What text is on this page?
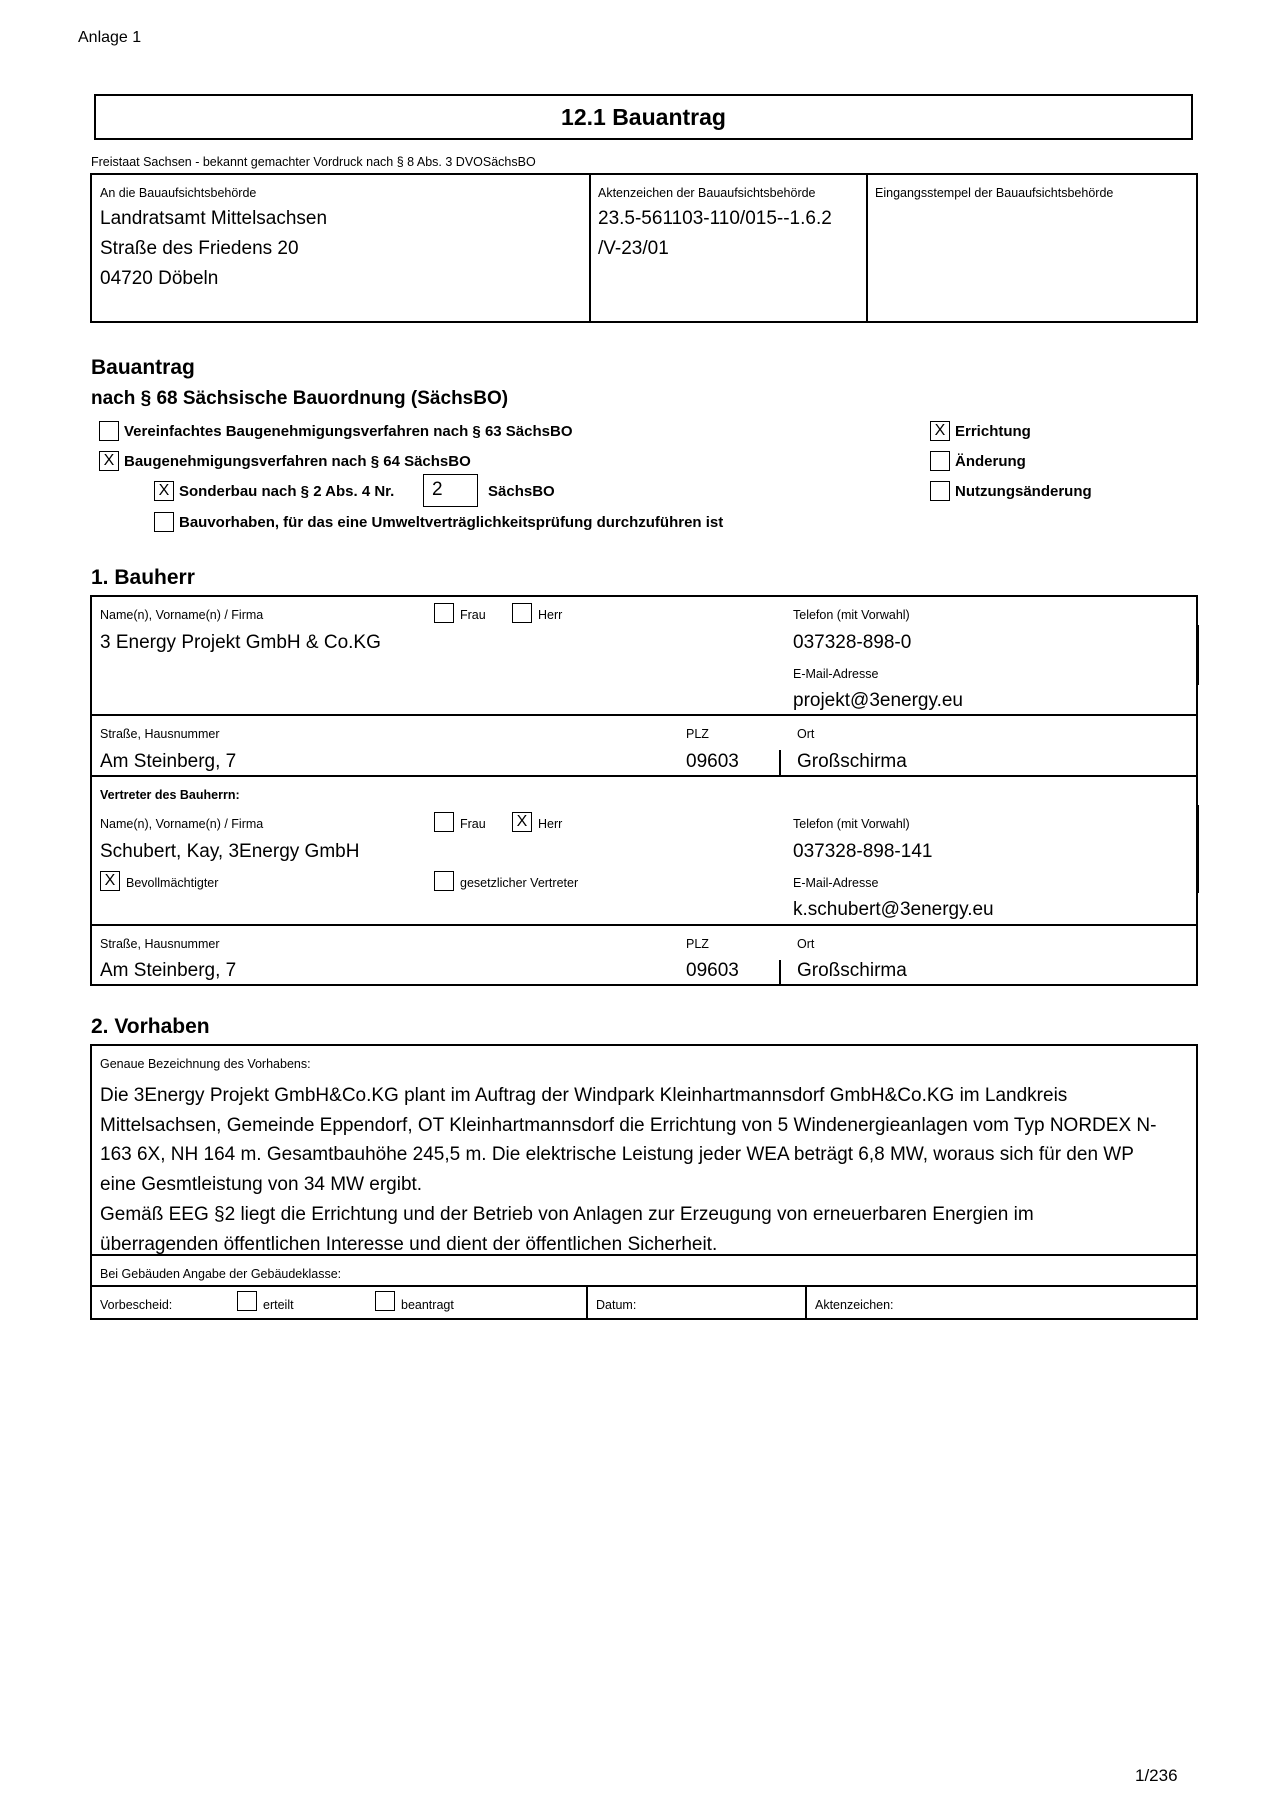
Anlage 1
12.1 Bauantrag
Freistaat Sachsen - bekannt gemachter Vordruck nach § 8 Abs. 3 DVOSächsBO
An die Bauaufsichtsbehörde
Landratsamt Mittelsachsen
Straße des Friedens 20
04720 Döbeln
Aktenzeichen der Bauaufsichtsbehörde
23.5-561103-110/015--1.6.2
/V-23/01
Eingangsstempel der Bauaufsichtsbehörde
Bauantrag
nach § 68 Sächsische Bauordnung (SächsBO)
Vereinfachtes Baugenehmigungsverfahren nach § 63 SächsBO
X Baugenehmigungsverfahren nach § 64 SächsBO
X Sonderbau nach § 2 Abs. 4 Nr.	2	SächsBO
Bauvorhaben, für das eine Umweltverträglichkeitsprüfung durchzuführen ist
X Errichtung
Änderung
Nutzungsänderung
1. Bauherr
Name(n), Vorname(n) / Firma	Frau	Herr	Telefon (mit Vorwahl)
3 Energy Projekt GmbH & Co.KG	037328-898-0
E-Mail-Adresse
projekt@3energy.eu
Straße, Hausnummer	PLZ	Ort
Am Steinberg, 7	09603	Großschirma
Vertreter des Bauherrn:
Name(n), Vorname(n) / Firma	Frau X Herr	Telefon (mit Vorwahl)
Schubert, Kay, 3Energy GmbH	037328-898-141
X Bevollmächtigter	gesetzlicher Vertreter	E-Mail-Adresse
k.schubert@3energy.eu
Straße, Hausnummer	PLZ	Ort
Am Steinberg, 7	09603	Großschirma
2. Vorhaben
Genaue Bezeichnung des Vorhabens:
Die 3Energy Projekt GmbH&Co.KG plant im Auftrag der Windpark Kleinhartmannsdorf GmbH&Co.KG im Landkreis
Mittelsachsen, Gemeinde Eppendorf, OT Kleinhartmannsdorf die Errichtung von 5 Windenergieanlagen vom Typ NORDEX N-
163 6X, NH 164 m. Gesamtbauhöhe 245,5 m. Die elektrische Leistung jeder WEA beträgt 6,8 MW, woraus sich für den WP
eine Gesmtleistung von 34 MW ergibt.
Gemäß EEG §2 liegt die Errichtung und der Betrieb von Anlagen zur Erzeugung von erneuerbaren Energien im
überragenden öffentlichen Interesse und dient der öffentlichen Sicherheit.
Bei Gebäuden Angabe der Gebäudeklasse:
Vorbescheid:	erteilt	beantragt	Datum:	Aktenzeichen:
1/236
